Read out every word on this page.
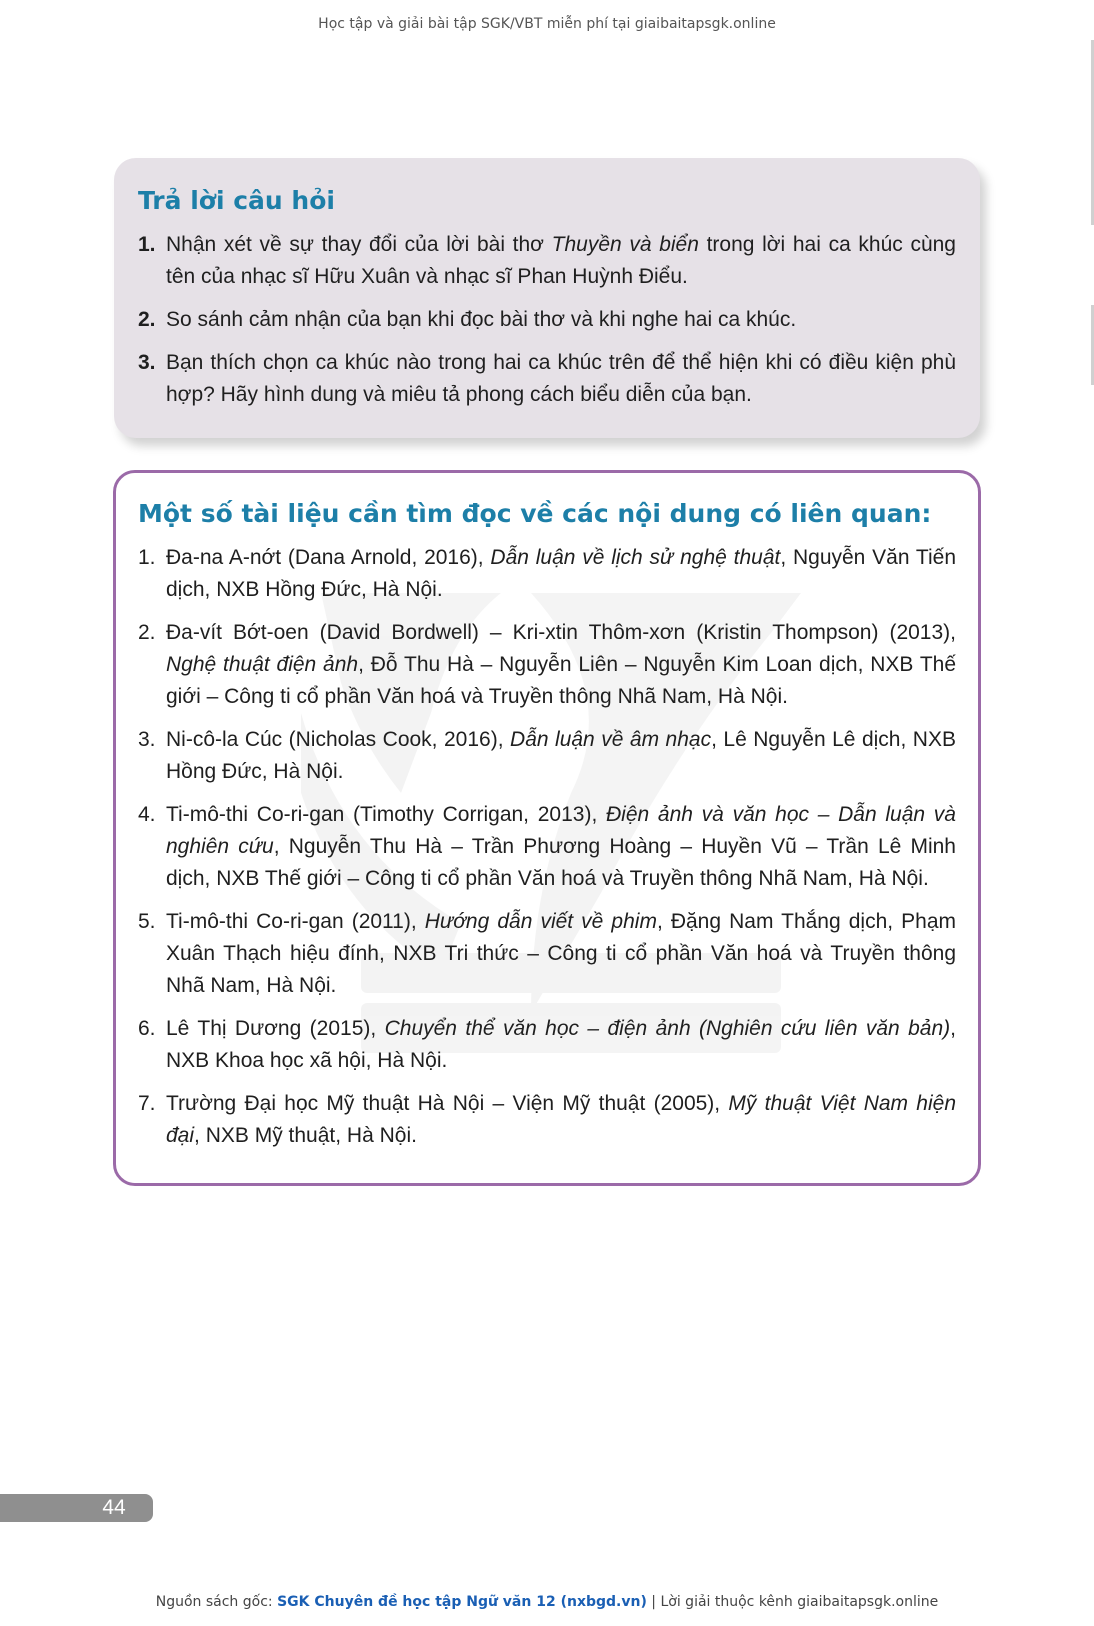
Học tập và giải bài tập SGK/VBT miễn phí tại giaibaitapsgk.online
Trả lời câu hỏi
1. Nhận xét về sự thay đổi của lời bài thơ Thuyền và biển trong lời hai ca khúc cùng tên của nhạc sĩ Hữu Xuân và nhạc sĩ Phan Huỳnh Điểu.
2. So sánh cảm nhận của bạn khi đọc bài thơ và khi nghe hai ca khúc.
3. Bạn thích chọn ca khúc nào trong hai ca khúc trên để thể hiện khi có điều kiện phù hợp? Hãy hình dung và miêu tả phong cách biểu diễn của bạn.
Một số tài liệu cần tìm đọc về các nội dung có liên quan:
1. Đa-na A-nớt (Dana Arnold, 2016), Dẫn luận về lịch sử nghệ thuật, Nguyễn Văn Tiến dịch, NXB Hồng Đức, Hà Nội.
2. Đa-vít Bớt-oen (David Bordwell) – Kri-xtin Thôm-xơn (Kristin Thompson) (2013), Nghệ thuật điện ảnh, Đỗ Thu Hà – Nguyễn Liên – Nguyễn Kim Loan dịch, NXB Thế giới – Công ti cổ phần Văn hoá và Truyền thông Nhã Nam, Hà Nội.
3. Ni-cô-la Cúc (Nicholas Cook, 2016), Dẫn luận về âm nhạc, Lê Nguyễn Lê dịch, NXB Hồng Đức, Hà Nội.
4. Ti-mô-thi Co-ri-gan (Timothy Corrigan, 2013), Điện ảnh và văn học – Dẫn luận và nghiên cứu, Nguyễn Thu Hà – Trần Phương Hoàng – Huyền Vũ – Trần Lê Minh dịch, NXB Thế giới – Công ti cổ phần Văn hoá và Truyền thông Nhã Nam, Hà Nội.
5. Ti-mô-thi Co-ri-gan (2011), Hướng dẫn viết về phim, Đặng Nam Thắng dịch, Phạm Xuân Thạch hiệu đính, NXB Tri thức – Công ti cổ phần Văn hoá và Truyền thông Nhã Nam, Hà Nội.
6. Lê Thị Dương (2015), Chuyển thể văn học – điện ảnh (Nghiên cứu liên văn bản), NXB Khoa học xã hội, Hà Nội.
7. Trường Đại học Mỹ thuật Hà Nội – Viện Mỹ thuật (2005), Mỹ thuật Việt Nam hiện đại, NXB Mỹ thuật, Hà Nội.
44
Nguồn sách gốc: SGK Chuyên đề học tập Ngữ văn 12 (nxbgd.vn) | Lời giải thuộc kênh giaibaitapsgk.online
